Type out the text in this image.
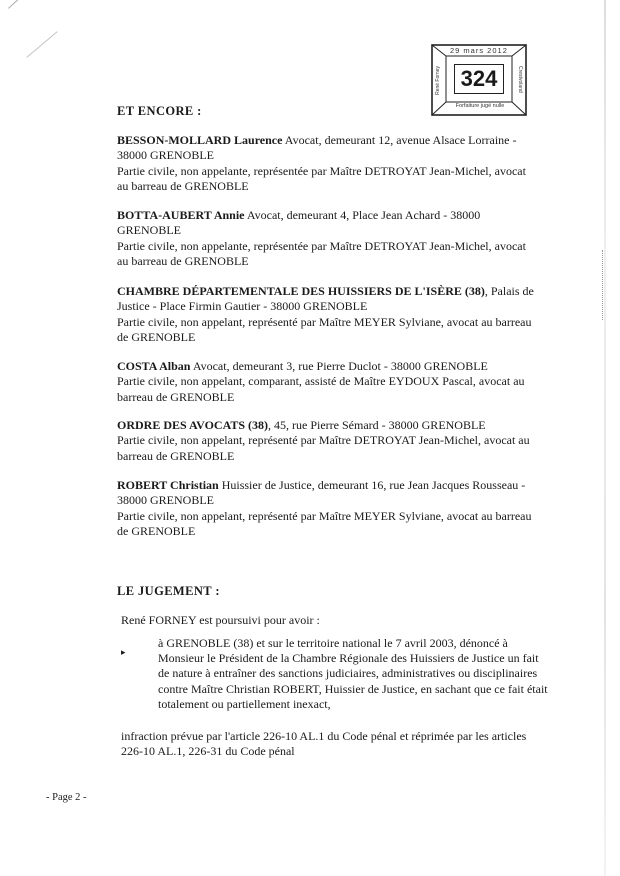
29 mars 2012
René Forney 324	Crestvoland
Forfaiture jugé nulle
ET ENCORE :
BESSON-MOLLARD Laurence Avocat, demeurant 12, avenue Alsace Lorraine -
38000 GRENOBLE
Partie civile, non appelante, représentée par Maître DETROYAT Jean-Michel, avocat
au barreau de GRENOBLE
BOTTA-AUBERT Annie Avocat, demeurant 4, Place Jean Achard - 38000
GRENOBLE
Partie civile, non appelante, représentée par Maître DETROYAT Jean-Michel, avocat
au barreau de GRENOBLE
CHAMBRE DÉPARTEMENTALE DES HUISSIERS DE L'ISÈRE (38), Palais de
Justice - Place Firmin Gautier - 38000 GRENOBLE
Partie civile, non appelant, représenté par Maître MEYER Sylviane, avocat au barreau
de GRENOBLE
COSTA Alban Avocat, demeurant 3, rue Pierre Duclot - 38000 GRENOBLE
Partie civile, non appelant, comparant, assisté de Maître EYDOUX Pascal, avocat au
barreau de GRENOBLE
ORDRE DES AVOCATS (38), 45, rue Pierre Sémard - 38000 GRENOBLE
Partie civile, non appelant, représenté par Maître DETROYAT Jean-Michel, avocat au
barreau de GRENOBLE
ROBERT Christian Huissier de Justice, demeurant 16, rue Jean Jacques Rousseau -
38000 GRENOBLE
Partie civile, non appelant, représenté par Maître MEYER Sylviane, avocat au barreau
de GRENOBLE
LE JUGEMENT :
René FORNEY est poursuivi pour avoir :
▸
à GRENOBLE (38) et sur le territoire national le 7 avril 2003, dénoncé à
Monsieur le Président de la Chambre Régionale des Huissiers de Justice un fait
de nature à entraîner des sanctions judiciaires, administratives ou disciplinaires
contre Maître Christian ROBERT, Huissier de Justice, en sachant que ce fait était
totalement ou partiellement inexact,
infraction prévue par l'article 226-10 AL.1 du Code pénal et réprimée par les articles
226-10 AL.1, 226-31 du Code pénal
- Page 2 -
